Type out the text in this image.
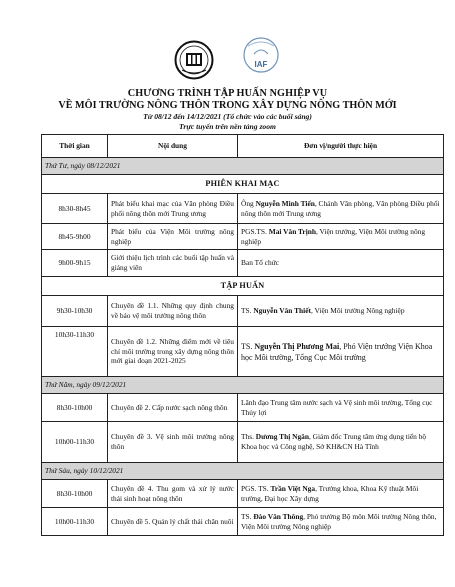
IAF
CHƯƠNG TRÌNH TẬP HUẤN NGHIỆP VỤ
VỀ MÔI TRƯỜNG NÔNG THÔN TRONG XÂY DỰNG NÔNG THÔN MỚI
Từ 08/12 đến 14/12/2021 (Tổ chức vào các buổi sáng)
Trực tuyến trên nền tảng zoom
Thời gian	Nội dung	Đơn vị/người thực hiện
Thứ Tư, ngày 08/12/2021		
PHIÊN KHAI MẠC		
8h30-8h45	Phát biểu khai mạc của Văn phòng Điều phối nông thôn mới Trung ương	Ông Nguyễn Minh Tiến, Chánh Văn phòng, Văn phòng Điều phối nông thôn mới Trung ương
8h45-9h00	Phát biểu của Viện Môi trường nông nghiệp	PGS.TS. Mai Văn Trịnh, Viện trưởng, Viện Môi trường nông nghiệp
9h00-9h15	Giới thiệu lịch trình các buổi tập huấn và giảng viên	Ban Tổ chức
TẬP HUẤN		
9h30-10h30	Chuyên đề 1.1. Những quy định chung về bảo vệ môi trường nông thôn	TS. Nguyễn Văn Thiết, Viện Môi trường Nông nghiệp
10h30-11h30	Chuyên đề 1.2. Những điểm mới về tiêu chí môi trường trong xây dựng nông thôn mới giai đoạn 2021-2025	TS. Nguyễn Thị Phương Mai, Phó Viện trưởng Viện Khoa học Môi trường, Tổng Cục Môi trường
Thứ Năm, ngày 09/12/2021		
8h30-10h00	Chuyên đề 2. Cấp nước sạch nông thôn	Lãnh đạo Trung tâm nước sạch và Vệ sinh môi trường, Tổng cục Thủy lợi
10h00-11h30	Chuyên đề 3. Vệ sinh môi trường nông thôn	Ths. Dương Thị Ngân, Giám đốc Trung tâm ứng dụng tiến bộ Khoa học và Công nghệ, Sở KH&CN Hà Tĩnh
Thứ Sáu, ngày 10/12/2021		
8h30-10h00	Chuyên đề 4. Thu gom và xử lý nước thải sinh hoạt nông thôn	PGS. TS. Trần Việt Nga, Trưởng khoa, Khoa Kỹ thuật Môi trường, Đại học Xây dựng
10h00-11h30	Chuyên đề 5. Quản lý chất thải chăn nuôi	TS. Đào Văn Thông, Phó trưởng Bộ môn Môi trường Nông thôn, Viện Môi trường Nông nghiệp
